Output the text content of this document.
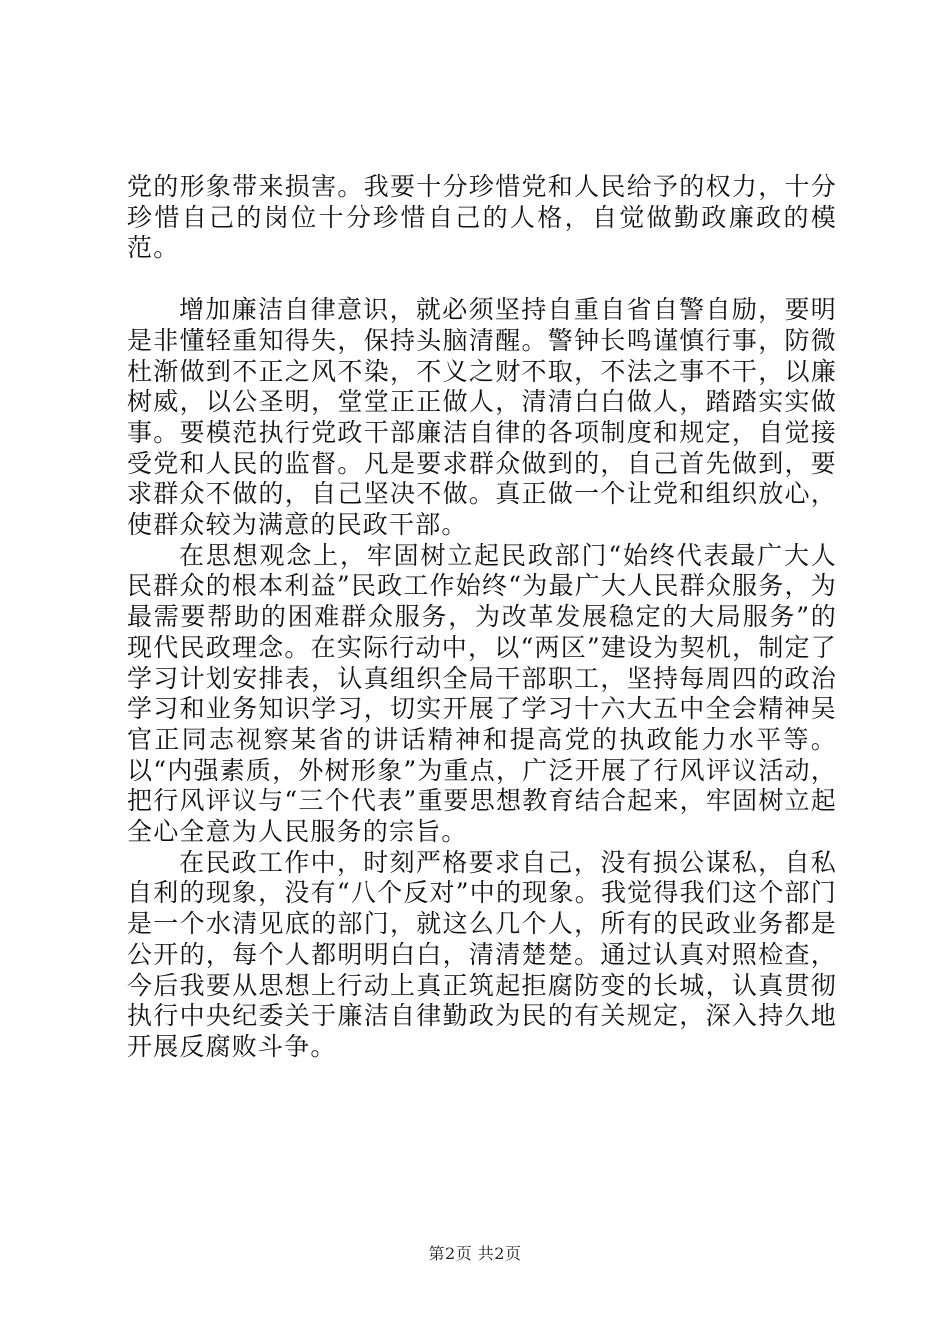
党的形象带来损害。我要十分珍惜党和人民给予的权力，十分珍惜自己的岗位十分珍惜自己的人格，自觉做勤政廉政的模范。

增加廉洁自律意识，就必须坚持自重自省自警自励，要明是非懂轻重知得失，保持头脑清醒。警钟长鸣谨慎行事，防微杜渐做到不正之风不染，不义之财不取，不法之事不干，以廉树威，以公圣明，堂堂正正做人，清清白白做人，踏踏实实做事。要模范执行党政干部廉洁自律的各项制度和规定，自觉接受党和人民的监督。凡是要求群众做到的，自己首先做到，要求群众不做的，自己坚决不做。真正做一个让党和组织放心，使群众较为满意的民政干部。

在思想观念上，牢固树立起民政部门“始终代表最广大人民群众的根本利益”民政工作始终“为最广大人民群众服务，为最需要帮助的困难群众服务，为改革发展稳定的大局服务”的现代民政理念。在实际行动中，以“两区”建设为契机，制定了学习计划安排表，认真组织全局干部职工，坚持每周四的政治学习和业务知识学习，切实开展了学习十六大五中全会精神吴官正同志视察某省的讲话精神和提高党的执政能力水平等。以“内强素质，外树形象”为重点，广泛开展了行风评议活动，把行风评议与“三个代表”重要思想教育结合起来，牢固树立起全心全意为人民服务的宗旨。

在民政工作中，时刻严格要求自己，没有损公谋私，自私自利的现象，没有“八个反对”中的现象。我觉得我们这个部门是一个水清见底的部门，就这么几个人，所有的民政业务都是公开的，每个人都明明白白，清清楚楚。通过认真对照检查，今后我要从思想上行动上真正筑起拒腐防变的长城，认真贯彻执行中央纪委关于廉洁自律勤政为民的有关规定，深入持久地开展反腐败斗争。

第2页 共2页
